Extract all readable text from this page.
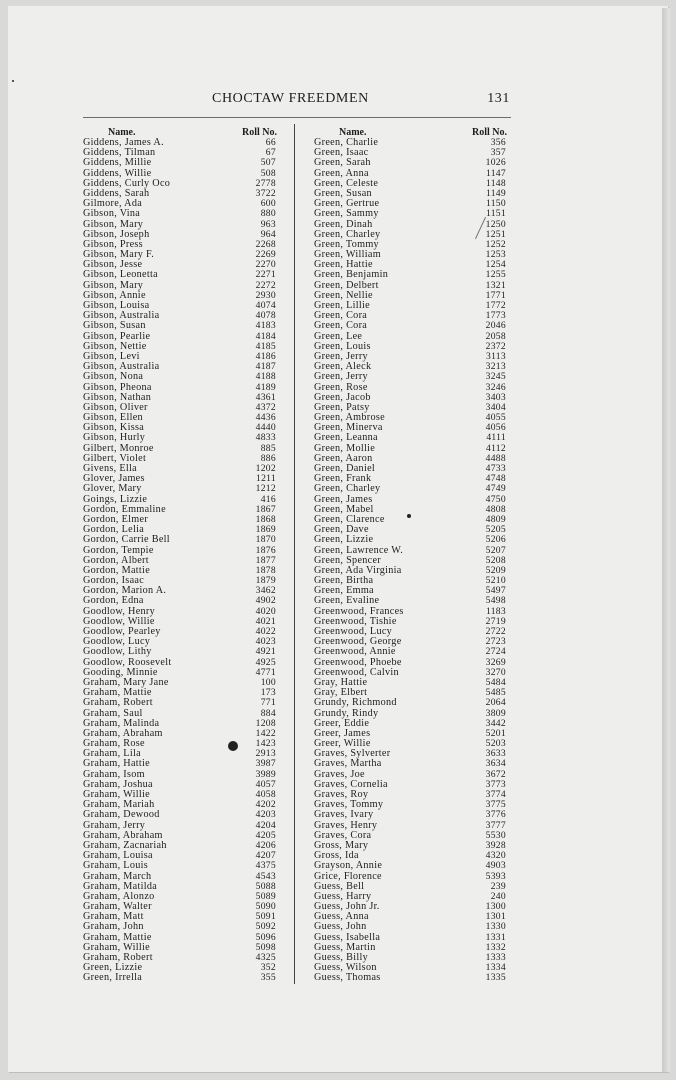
CHOCTAW FREEDMEN	131
Name.	Roll No.
Giddens, James A.	66
Giddens, Tilman	67
Giddens, Millie	507
Giddens, Willie	508
Giddens, Curly Oco	2778
Giddens, Sarah	3722
Gilmore, Ada	600
Gibson, Vina	880
Gibson, Mary	963
Gibson, Joseph	964
Gibson, Press	2268
Gibson, Mary F.	2269
Gibson, Jesse	2270
Gibson, Leonetta	2271
Gibson, Mary	2272
Gibson, Annie	2930
Gibson, Louisa	4074
Gibson, Australia	4078
Gibson, Susan	4183
Gibson, Pearlie	4184
Gibson, Nettie	4185
Gibson, Levi	4186
Gibson, Australia	4187
Gibson, Nona	4188
Gibson, Pheona	4189
Gibson, Nathan	4361
Gibson, Oliver	4372
Gibson, Ellen	4436
Gibson, Kissa	4440
Gibson, Hurly	4833
Gilbert, Monroe	885
Gilbert, Violet	886
Givens, Ella	1202
Glover, James	1211
Glover, Mary	1212
Goings, Lizzie	416
Gordon, Emmaline	1867
Gordon, Elmer	1868
Gordon, Lelia	1869
Gordon, Carrie Bell	1870
Gordon, Tempie	1876
Gordon, Albert	1877
Gordon, Mattie	1878
Gordon, Isaac	1879
Gordon, Marion A.	3462
Gordon, Edna	4902
Goodlow, Henry	4020
Goodlow, Willie	4021
Goodlow, Pearley	4022
Goodlow, Lucy	4023
Goodlow, Lithy	4921
Goodlow, Roosevelt	4925
Gooding, Minnie	4771
Graham, Mary Jane	100
Graham, Mattie	173
Graham, Robert	771
Graham, Saul	884
Graham, Malinda	1208
Graham, Abraham	1422
Graham, Rose	1423
Graham, Lila	2913
Graham, Hattie	3987
Graham, Isom	3989
Graham, Joshua	4057
Graham, Willie	4058
Graham, Mariah	4202
Graham, Dewood	4203
Graham, Jerry	4204
Graham, Abraham	4205
Graham, Zacnariah	4206
Graham, Louisa	4207
Graham, Louis	4375
Graham, March	4543
Graham, Matilda	5088
Graham, Alonzo	5089
Graham, Walter	5090
Graham, Matt	5091
Graham, John	5092
Graham, Mattie	5096
Graham, Willie	5098
Graham, Robert	4325
Green, Lizzie	352
Green, Irrella	355
Name.	Roll No.
Green, Charlie	356
Green, Isaac	357
Green, Sarah	1026
Green, Anna	1147
Green, Celeste	1148
Green, Susan	1149
Green, Gertrue	1150
Green, Sammy	1151
Green, Dinah	1250
Green, Charley	1251
Green, Tommy	1252
Green, William	1253
Green, Hattie	1254
Green, Benjamin	1255
Green, Delbert	1321
Green, Nellie	1771
Green, Lillie	1772
Green, Cora	1773
Green, Cora	2046
Green, Lee	2058
Green, Louis	2372
Green, Jerry	3113
Green, Aleck	3213
Green, Jerry	3245
Green, Rose	3246
Green, Jacob	3403
Green, Patsy	3404
Green, Ambrose	4055
Green, Minerva	4056
Green, Leanna	4111
Green, Mollie	4112
Green, Aaron	4488
Green, Daniel	4733
Green, Frank	4748
Green, Charley	4749
Green, James	4750
Green, Mabel	4808
Green, Clarence	4809
Green, Dave	5205
Green, Lizzie	5206
Green, Lawrence W.	5207
Green, Spencer	5208
Green, Ada Virginia	5209
Green, Birtha	5210
Green, Emma	5497
Green, Evaline	5498
Greenwood, Frances	1183
Greenwood, Tishie	2719
Greenwood, Lucy	2722
Greenwood, George	2723
Greenwood, Annie	2724
Greenwood, Phoebe	3269
Greenwood, Calvin	3270
Gray, Hattie	5484
Gray, Elbert	5485
Grundy, Richmond	2064
Grundy, Rindy	3809
Greer, Eddie	3442
Greer, James	5201
Greer, Willie	5203
Graves, Sylverter	3633
Graves, Martha	3634
Graves, Joe	3672
Graves, Cornelia	3773
Graves, Roy	3774
Graves, Tommy	3775
Graves, Ivary	3776
Graves, Henry	3777
Graves, Cora	5530
Gross, Mary	3928
Gross, Ida	4320
Grayson, Annie	4903
Grice, Florence	5393
Guess, Bell	239
Guess, Harry	240
Guess, John Jr.	1300
Guess, Anna	1301
Guess, John	1330
Guess, Isabella	1331
Guess, Martin	1332
Guess, Billy	1333
Guess, Wilson	1334
Guess, Thomas	1335
